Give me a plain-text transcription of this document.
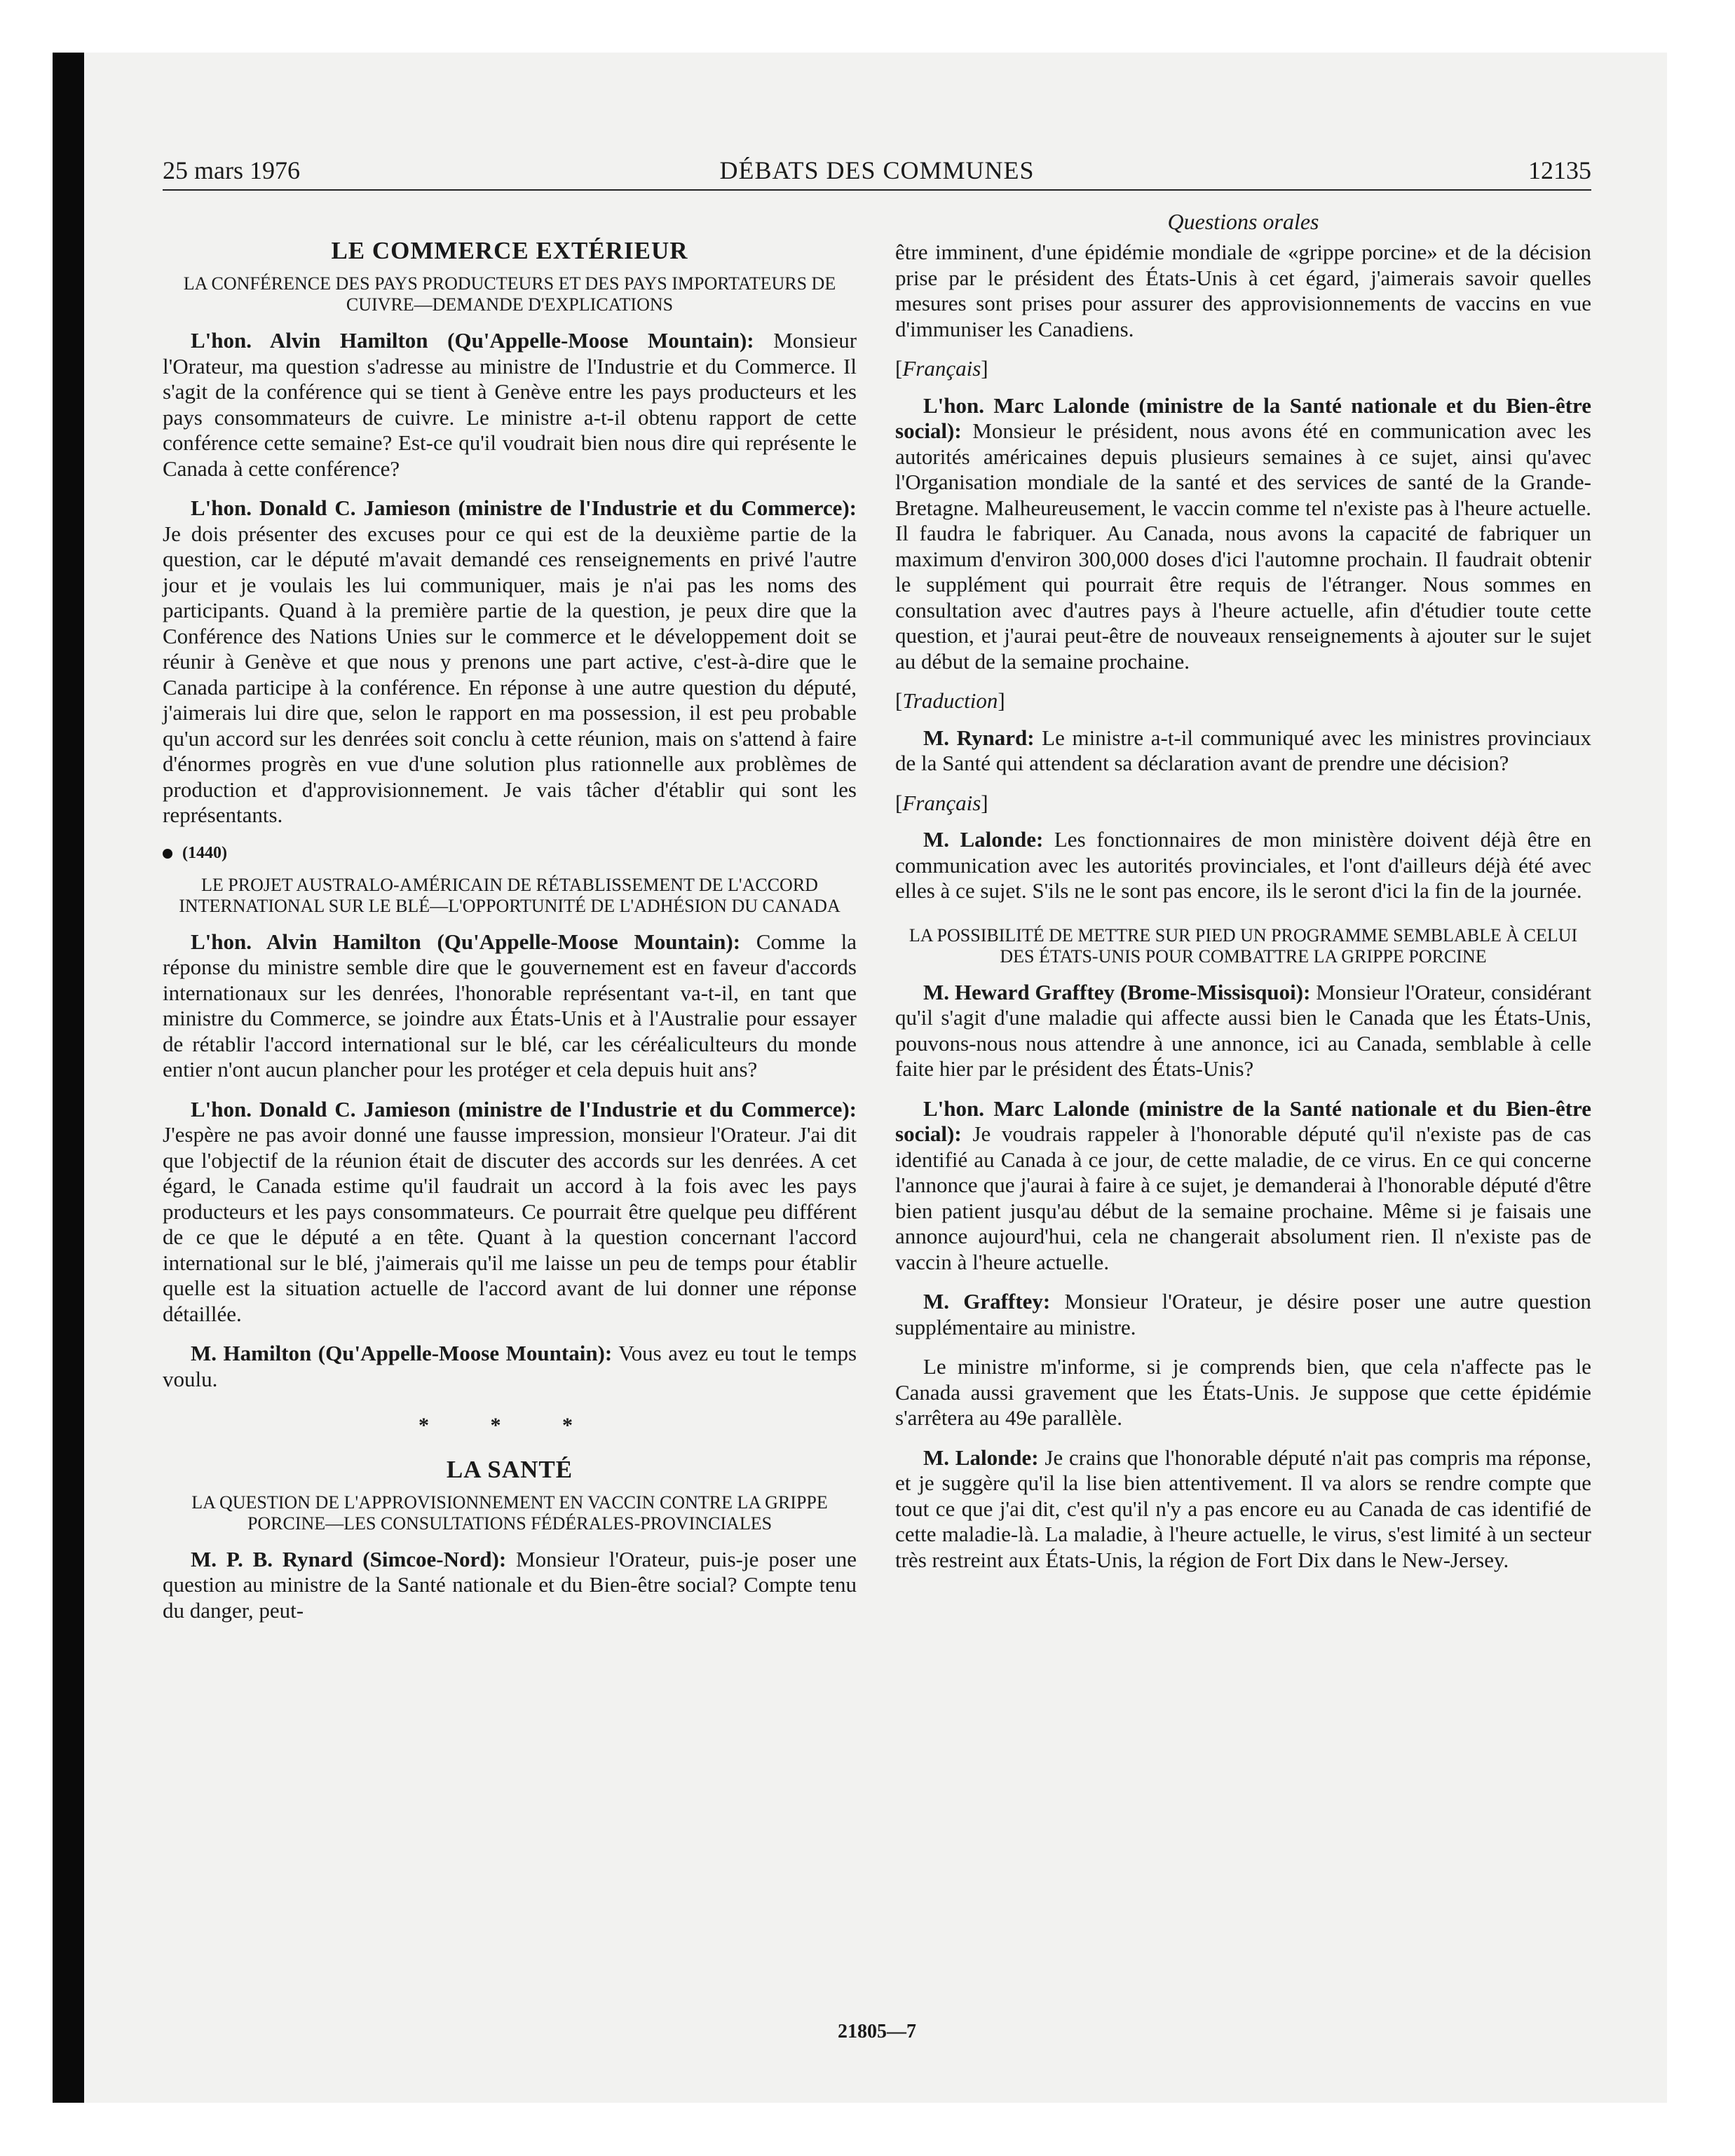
25 mars 1976	DÉBATS DES COMMUNES	12135
LE COMMERCE EXTÉRIEUR
LA CONFÉRENCE DES PAYS PRODUCTEURS ET DES PAYS IMPORTATEURS DE CUIVRE—DEMANDE D'EXPLICATIONS

L'hon. Alvin Hamilton (Qu'Appelle-Moose Mountain): Monsieur l'Orateur, ma question s'adresse au ministre de l'Industrie et du Commerce. Il s'agit de la conférence qui se tient à Genève entre les pays producteurs et les pays consommateurs de cuivre. Le ministre a-t-il obtenu rapport de cette conférence cette semaine? Est-ce qu'il voudrait bien nous dire qui représente le Canada à cette conférence?

L'hon. Donald C. Jamieson (ministre de l'Industrie et du Commerce): Je dois présenter des excuses pour ce qui est de la deuxième partie de la question, car le député m'avait demandé ces renseignements en privé l'autre jour et je voulais les lui communiquer, mais je n'ai pas les noms des participants. Quand à la première partie de la question, je peux dire que la Conférence des Nations Unies sur le commerce et le développement doit se réunir à Genève et que nous y prenons une part active, c'est-à-dire que le Canada participe à la conférence. En réponse à une autre question du député, j'aimerais lui dire que, selon le rapport en ma possession, il est peu probable qu'un accord sur les denrées soit conclu à cette réunion, mais on s'attend à faire d'énormes progrès en vue d'une solution plus rationnelle aux problèmes de production et d'approvisionnement. Je vais tâcher d'établir qui sont les représentants.

(1440)
LE PROJET AUSTRALO-AMÉRICAIN DE RÉTABLISSEMENT DE L'ACCORD INTERNATIONAL SUR LE BLÉ—L'OPPORTUNITÉ DE L'ADHÉSION DU CANADA

L'hon. Alvin Hamilton (Qu'Appelle-Moose Mountain): Comme la réponse du ministre semble dire que le gouvernement est en faveur d'accords internationaux sur les denrées, l'honorable représentant va-t-il, en tant que ministre du Commerce, se joindre aux États-Unis et à l'Australie pour essayer de rétablir l'accord international sur le blé, car les céréaliculteurs du monde entier n'ont aucun plancher pour les protéger et cela depuis huit ans?

L'hon. Donald C. Jamieson (ministre de l'Industrie et du Commerce): J'espère ne pas avoir donné une fausse impression, monsieur l'Orateur. J'ai dit que l'objectif de la réunion était de discuter des accords sur les denrées. A cet égard, le Canada estime qu'il faudrait un accord à la fois avec les pays producteurs et les pays consommateurs. Ce pourrait être quelque peu différent de ce que le député a en tête. Quant à la question concernant l'accord international sur le blé, j'aimerais qu'il me laisse un peu de temps pour établir quelle est la situation actuelle de l'accord avant de lui donner une réponse détaillée.

M. Hamilton (Qu'Appelle-Moose Mountain): Vous avez eu tout le temps voulu.

* * *
LA SANTÉ
LA QUESTION DE L'APPROVISIONNEMENT EN VACCIN CONTRE LA GRIPPE PORCINE—LES CONSULTATIONS FÉDÉRALES-PROVINCIALES

M. P. B. Rynard (Simcoe-Nord): Monsieur l'Orateur, puis-je poser une question au ministre de la Santé nationale et du Bien-être social? Compte tenu du danger, peut-

Questions orales

être imminent, d'une épidémie mondiale de «grippe porcine» et de la décision prise par le président des États-Unis à cet égard, j'aimerais savoir quelles mesures sont prises pour assurer des approvisionnements de vaccins en vue d'immuniser les Canadiens.

[ Français ]

L'hon. Marc Lalonde (ministre de la Santé nationale et du Bien-être social): Monsieur le président, nous avons été en communication avec les autorités américaines depuis plusieurs semaines à ce sujet, ainsi qu'avec l'Organisation mondiale de la santé et des services de santé de la Grande-Bretagne. Malheureusement, le vaccin comme tel n'existe pas à l'heure actuelle. Il faudra le fabriquer. Au Canada, nous avons la capacité de fabriquer un maximum d'environ 300,000 doses d'ici l'automne prochain. Il faudrait obtenir le supplément qui pourrait être requis de l'étranger. Nous sommes en consultation avec d'autres pays à l'heure actuelle, afin d'étudier toute cette question, et j'aurai peut-être de nouveaux renseignements à ajouter sur le sujet au début de la semaine prochaine.

[ Traduction ]

M. Rynard: Le ministre a-t-il communiqué avec les ministres provinciaux de la Santé qui attendent sa déclaration avant de prendre une décision?

[ Français ]

M. Lalonde: Les fonctionnaires de mon ministère doivent déjà être en communication avec les autorités provinciales, et l'ont d'ailleurs déjà été avec elles à ce sujet. S'ils ne le sont pas encore, ils le seront d'ici la fin de la journée.

LA POSSIBILITÉ DE METTRE SUR PIED UN PROGRAMME SEMBLABLE À CELUI DES ÉTATS-UNIS POUR COMBATTRE LA GRIPPE PORCINE

M. Heward Grafftey (Brome-Missisquoi): Monsieur l'Orateur, considérant qu'il s'agit d'une maladie qui affecte aussi bien le Canada que les États-Unis, pouvons-nous nous attendre à une annonce, ici au Canada, semblable à celle faite hier par le président des États-Unis?

L'hon. Marc Lalonde (ministre de la Santé nationale et du Bien-être social): Je voudrais rappeler à l'honorable député qu'il n'existe pas de cas identifié au Canada à ce jour, de cette maladie, de ce virus. En ce qui concerne l'annonce que j'aurai à faire à ce sujet, je demanderai à l'honorable député d'être bien patient jusqu'au début de la semaine prochaine. Même si je faisais une annonce aujourd'hui, cela ne changerait absolument rien. Il n'existe pas de vaccin à l'heure actuelle.

M. Grafftey: Monsieur l'Orateur, je désire poser une autre question supplémentaire au ministre.

Le ministre m'informe, si je comprends bien, que cela n'affecte pas le Canada aussi gravement que les États-Unis. Je suppose que cette épidémie s'arrêtera au 49e parallèle.

M. Lalonde: Je crains que l'honorable député n'ait pas compris ma réponse, et je suggère qu'il la lise bien attentivement. Il va alors se rendre compte que tout ce que j'ai dit, c'est qu'il n'y a pas encore eu au Canada de cas identifié de cette maladie-là. La maladie, à l'heure actuelle, le virus, s'est limité à un secteur très restreint aux États-Unis, la région de Fort Dix dans le New-Jersey.

21805—7
